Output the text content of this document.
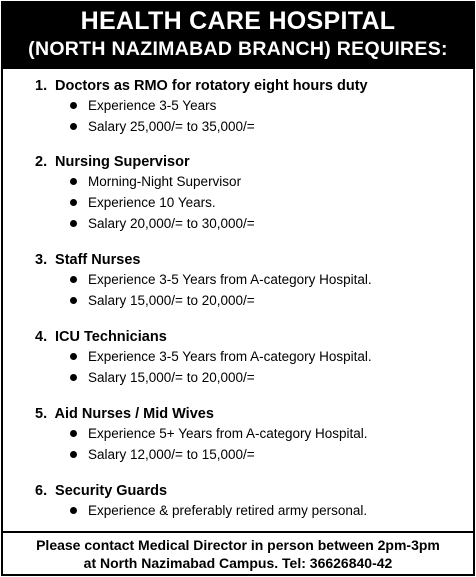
HEALTH CARE HOSPITAL
(NORTH NAZIMABAD BRANCH) REQUIRES:
1. Doctors as RMO for rotatory eight hours duty
Experience 3-5 Years
Salary 25,000/= to 35,000/=
2. Nursing Supervisor
Morning-Night Supervisor
Experience 10 Years.
Salary 20,000/= to 30,000/=
3. Staff Nurses
Experience 3-5 Years from A-category Hospital.
Salary 15,000/= to 20,000/=
4. ICU Technicians
Experience 3-5 Years from A-category Hospital.
Salary 15,000/= to 20,000/=
5. Aid Nurses / Mid Wives
Experience 5+ Years from A-category Hospital.
Salary 12,000/= to 15,000/=
6. Security Guards
Experience & preferably retired army personal.
Please contact Medical Director in person between 2pm-3pm
at North Nazimabad Campus. Tel: 36626840-42
